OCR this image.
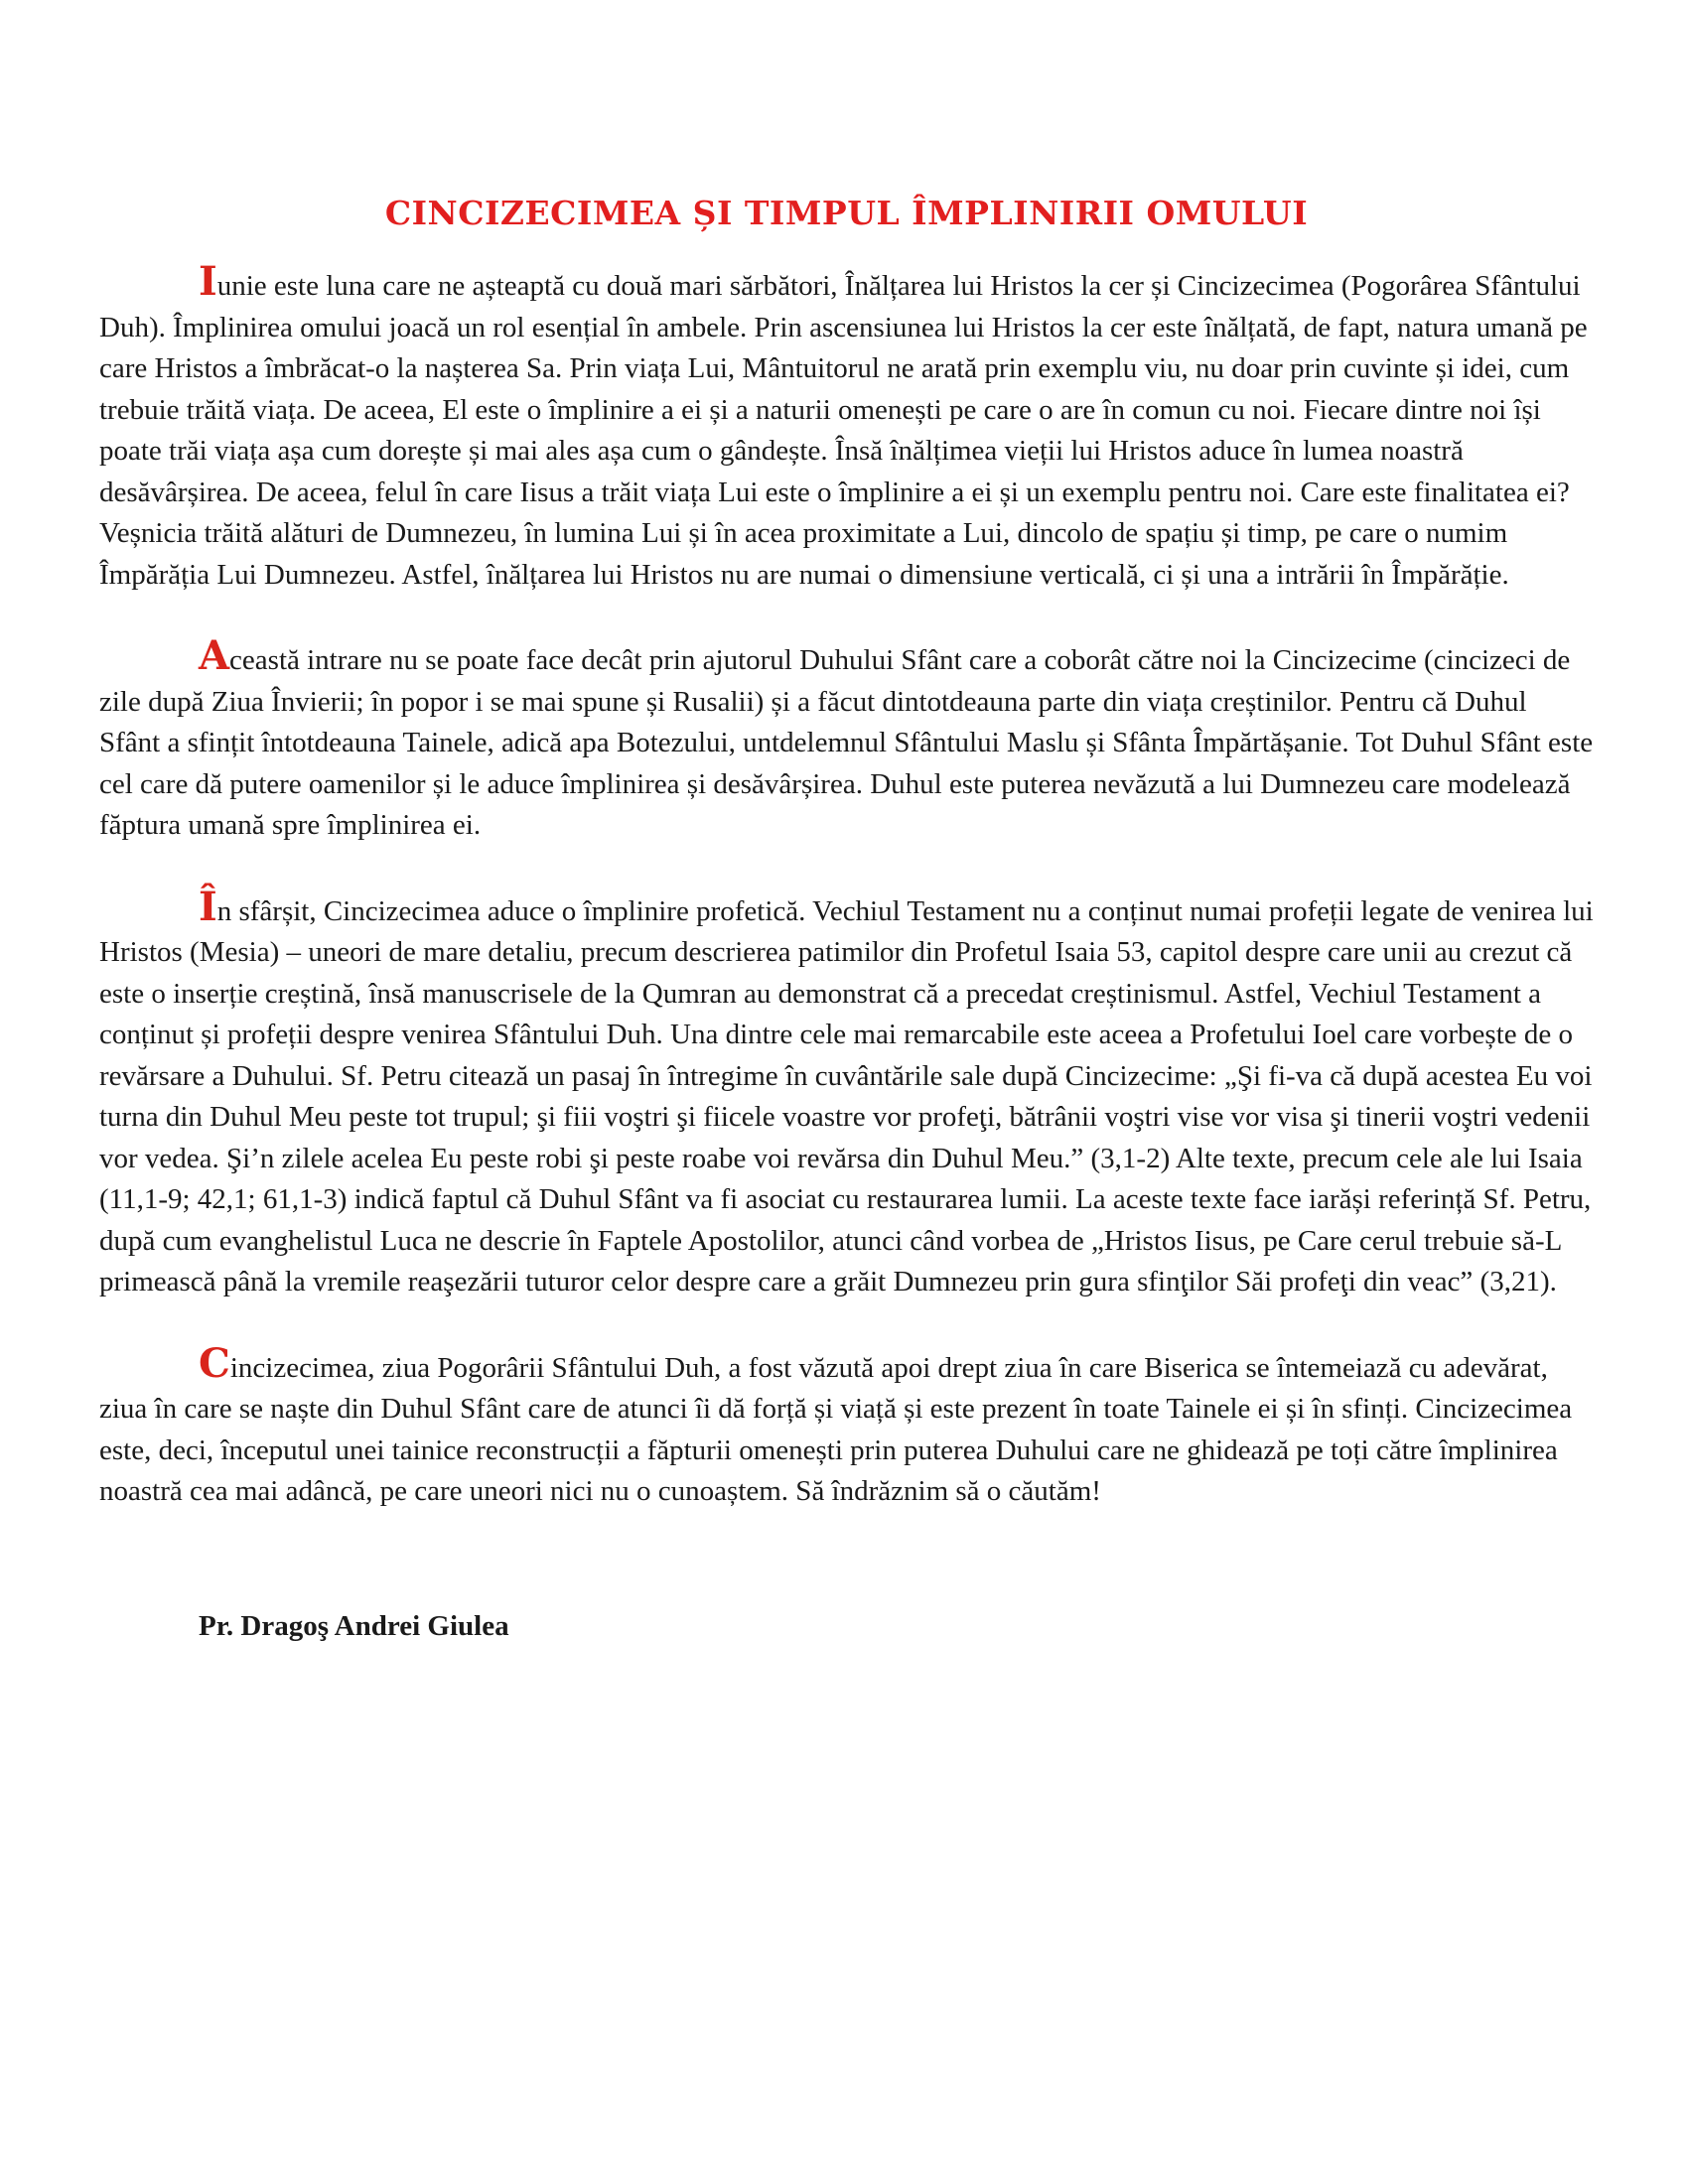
CINCIZECIMEA ȘI TIMPUL ÎMPLINIRII OMULUI

Iunie este luna care ne așteaptă cu două mari sărbători, Înălțarea lui Hristos la cer și Cincizecimea (Pogorârea Sfântului Duh). Împlinirea omului joacă un rol esențial în ambele. Prin ascensiunea lui Hristos la cer este înălțată, de fapt, natura umană pe care Hristos a îmbrăcat-o la nașterea Sa. Prin viața Lui, Mântuitorul ne arată prin exemplu viu, nu doar prin cuvinte și idei, cum trebuie trăită viața. De aceea, El este o împlinire a ei și a naturii omenești pe care o are în comun cu noi. Fiecare dintre noi își poate trăi viața așa cum dorește și mai ales așa cum o gândește. Însă înălțimea vieții lui Hristos aduce în lumea noastră desăvârșirea. De aceea, felul în care Iisus a trăit viața Lui este o împlinire a ei și un exemplu pentru noi. Care este finalitatea ei? Veșnicia trăită alături de Dumnezeu, în lumina Lui și în acea proximitate a Lui, dincolo de spațiu și timp, pe care o numim Împărăția Lui Dumnezeu. Astfel, înălțarea lui Hristos nu are numai o dimensiune verticală, ci și una a intrării în Împărăție.

Această intrare nu se poate face decât prin ajutorul Duhului Sfânt care a coborât către noi la Cincizecime (cincizeci de zile după Ziua Învierii; în popor i se mai spune și Rusalii) și a făcut dintotdeauna parte din viața creștinilor. Pentru că Duhul Sfânt a sfințit întotdeauna Tainele, adică apa Botezului, untdelemnul Sfântului Maslu și Sfânta Împărtășanie. Tot Duhul Sfânt este cel care dă putere oamenilor și le aduce împlinirea și desăvârșirea. Duhul este puterea nevăzută a lui Dumnezeu care modelează făptura umană spre împlinirea ei.

În sfârșit, Cincizecimea aduce o împlinire profetică. Vechiul Testament nu a conținut numai profeții legate de venirea lui Hristos (Mesia) – uneori de mare detaliu, precum descrierea patimilor din Profetul Isaia 53, capitol despre care unii au crezut că este o inserție creștină, însă manuscrisele de la Qumran au demonstrat că a precedat creștinismul. Astfel, Vechiul Testament a conținut și profeții despre venirea Sfântului Duh. Una dintre cele mai remarcabile este aceea a Profetului Ioel care vorbește de o revărsare a Duhului. Sf. Petru citează un pasaj în întregime în cuvântările sale după Cincizecime: „Şi fi-va că după acestea Eu voi turna din Duhul Meu peste tot trupul; şi fiii voştri şi fiicele voastre vor profeţi, bătrânii voştri vise vor visa şi tinerii voştri vedenii vor vedea. Şi’n zilele acelea Eu peste robi şi peste roabe voi revărsa din Duhul Meu.” (3,1-2) Alte texte, precum cele ale lui Isaia (11,1-9; 42,1; 61,1-3) indică faptul că Duhul Sfânt va fi asociat cu restaurarea lumii. La aceste texte face iarăși referință Sf. Petru, după cum evanghelistul Luca ne descrie în Faptele Apostolilor, atunci când vorbea de „Hristos Iisus, pe Care cerul trebuie să-L primească până la vremile reaşezării tuturor celor despre care a grăit Dumnezeu prin gura sfinţilor Săi profeţi din veac” (3,21).

Cincizecimea, ziua Pogorârii Sfântului Duh, a fost văzută apoi drept ziua în care Biserica se întemeiază cu adevărat, ziua în care se naște din Duhul Sfânt care de atunci îi dă forță și viață și este prezent în toate Tainele ei și în sfinți. Cincizecimea este, deci, începutul unei tainice reconstrucții a făpturii omenești prin puterea Duhului care ne ghidează pe toți către împlinirea noastră cea mai adâncă, pe care uneori nici nu o cunoaștem. Să îndrăznim să o căutăm!

Pr. Dragoş Andrei Giulea
